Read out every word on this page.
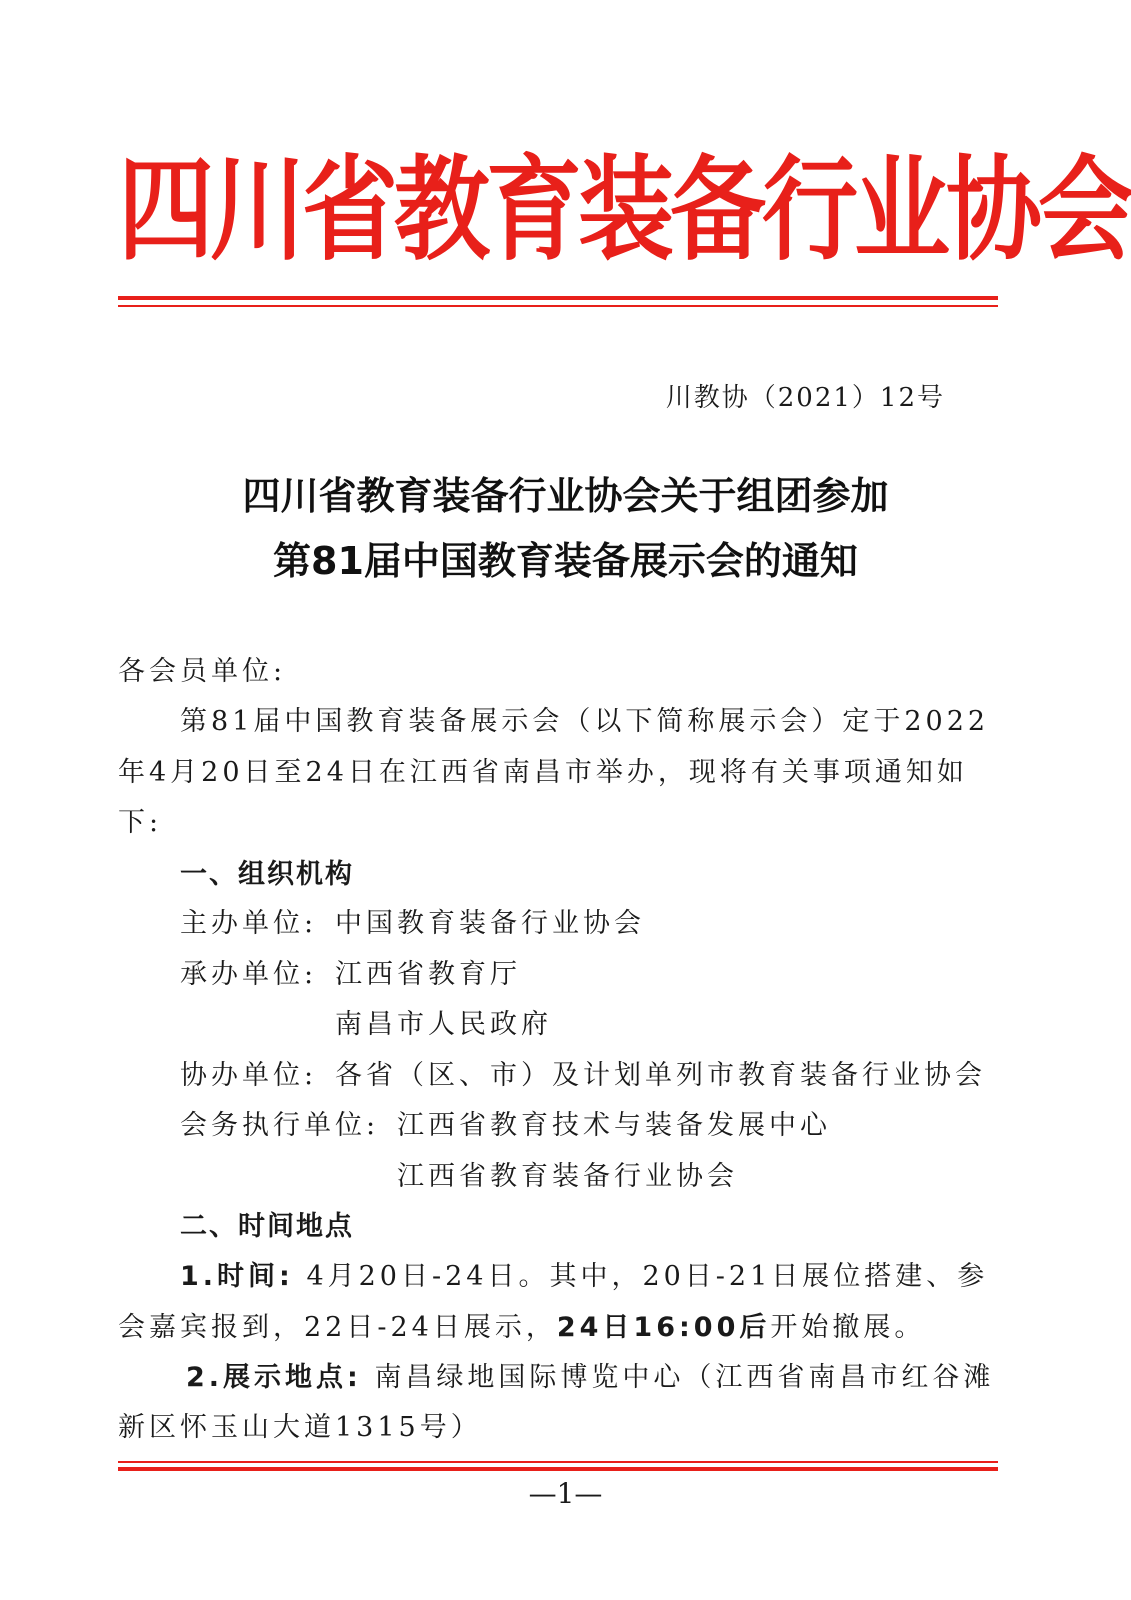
四川省教育装备行业协会
川教协（2021）12号
四川省教育装备行业协会关于组团参加
第81届中国教育装备展示会的通知
各会员单位:
第81届中国教育装备展示会（以下简称展示会）定于2022
年4月20日至24日在江西省南昌市举办，现将有关事项通知如
下:
一、组织机构
主办单位: 中国教育装备行业协会
承办单位: 江西省教育厅
南昌市人民政府
协办单位: 各省（区、市）及计划单列市教育装备行业协会
会务执行单位: 江西省教育技术与装备发展中心
江西省教育装备行业协会
二、时间地点
1.时间: 4月20日-24日。其中，20日-21日展位搭建、参
会嘉宾报到，22日-24日展示，24日16:00后开始撤展。
2.展示地点: 南昌绿地国际博览中心（江西省南昌市红谷滩
新区怀玉山大道1315号）
—1—
